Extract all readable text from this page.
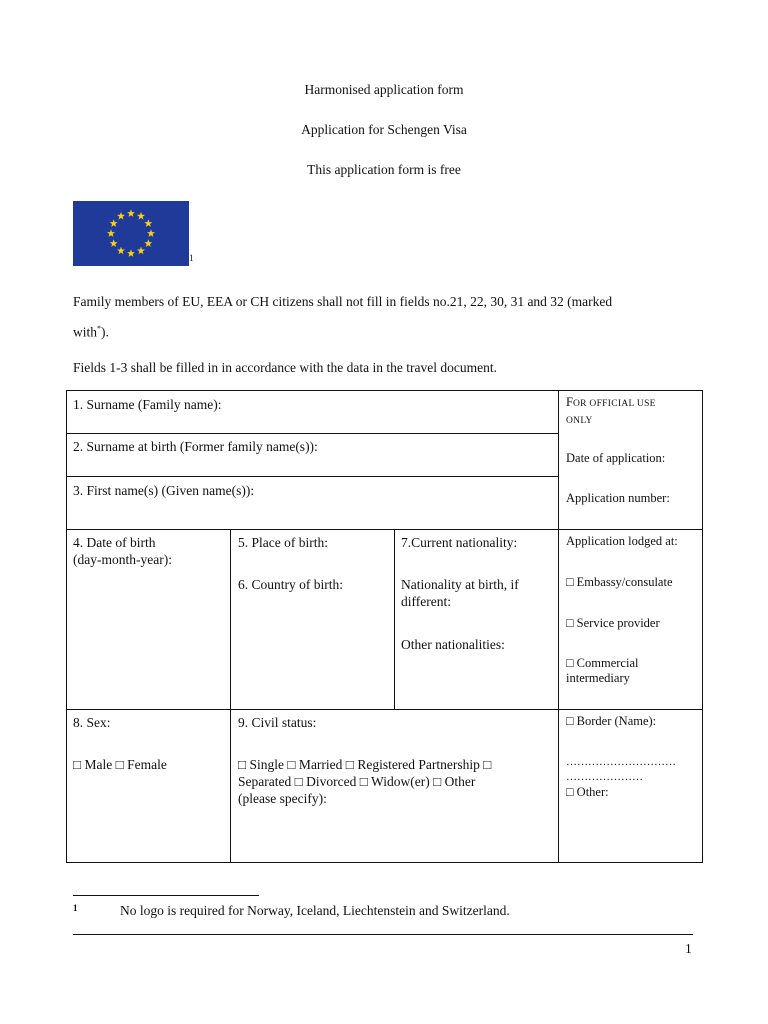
Harmonised application form
Application for Schengen Visa
This application form is free
1
Family members of EU, EEA or CH citizens shall not fill in fields no.21, 22, 30, 31 and 32 (marked
with*).
Fields 1-3 shall be filled in in accordance with the data in the travel document.
1. Surname (Family name):
2. Surname at birth (Former family name(s)):
3. First name(s) (Given name(s)):
FOR OFFICIAL USE
ONLY
Date of application:
Application number:
4. Date of birth
(day-month-year):
5. Place of birth:
6. Country of birth:
7.Current nationality:
Nationality at birth, if
different:
Other nationalities:
Application lodged at:
□ Embassy/consulate
□ Service provider
□ Commercial
intermediary
8. Sex:
□ Male □ Female
9. Civil status:
□ Single □ Married □ Registered Partnership □
Separated □ Divorced □ Widow(er) □ Other
(please specify):
□ Border (Name):
…………………………
…………………
□ Other:
1	No logo is required for Norway, Iceland, Liechtenstein and Switzerland.
1
